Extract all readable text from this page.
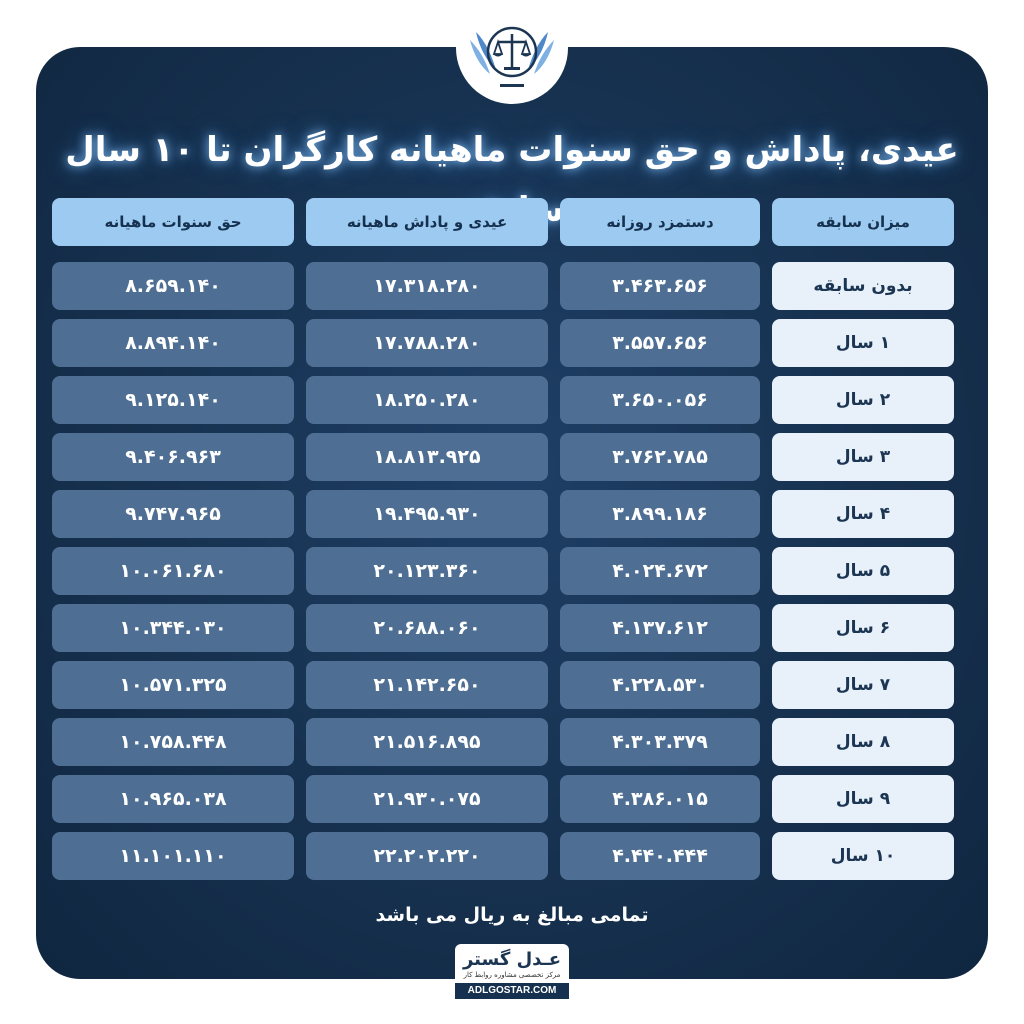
عیدی، پاداش و حق سنوات ماهیانه کارگران تا ۱۰ سال
حق سنوات ماهیانه	عیدی و پاداش ماهیانه	دستمزد روزانه	میزان سابقه
۸.۶۵۹.۱۴۰	۱۷.۳۱۸.۲۸۰	۳.۴۶۳.۶۵۶	بدون سابقه
۸.۸۹۴.۱۴۰	۱۷.۷۸۸.۲۸۰	۳.۵۵۷.۶۵۶	۱ سال
۹.۱۲۵.۱۴۰	۱۸.۲۵۰.۲۸۰	۳.۶۵۰.۰۵۶	۲ سال
۹.۴۰۶.۹۶۳	۱۸.۸۱۳.۹۲۵	۳.۷۶۲.۷۸۵	۳ سال
۹.۷۴۷.۹۶۵	۱۹.۴۹۵.۹۳۰	۳.۸۹۹.۱۸۶	۴ سال
۱۰.۰۶۱.۶۸۰	۲۰.۱۲۳.۳۶۰	۴.۰۲۴.۶۷۲	۵ سال
۱۰.۳۴۴.۰۳۰	۲۰.۶۸۸.۰۶۰	۴.۱۳۷.۶۱۲	۶ سال
۱۰.۵۷۱.۳۲۵	۲۱.۱۴۲.۶۵۰	۴.۲۲۸.۵۳۰	۷ سال
۱۰.۷۵۸.۴۴۸	۲۱.۵۱۶.۸۹۵	۴.۳۰۳.۳۷۹	۸ سال
۱۰.۹۶۵.۰۳۸	۲۱.۹۳۰.۰۷۵	۴.۳۸۶.۰۱۵	۹ سال
۱۱.۱۰۱.۱۱۰	۲۲.۲۰۲.۲۲۰	۴.۴۴۰.۴۴۴	۱۰ سال
تمامی مبالغ به ریال می باشد
عـدل گستر
مرکز تخصصی مشاوره روابط کار
ADLGOSTAR.COM
